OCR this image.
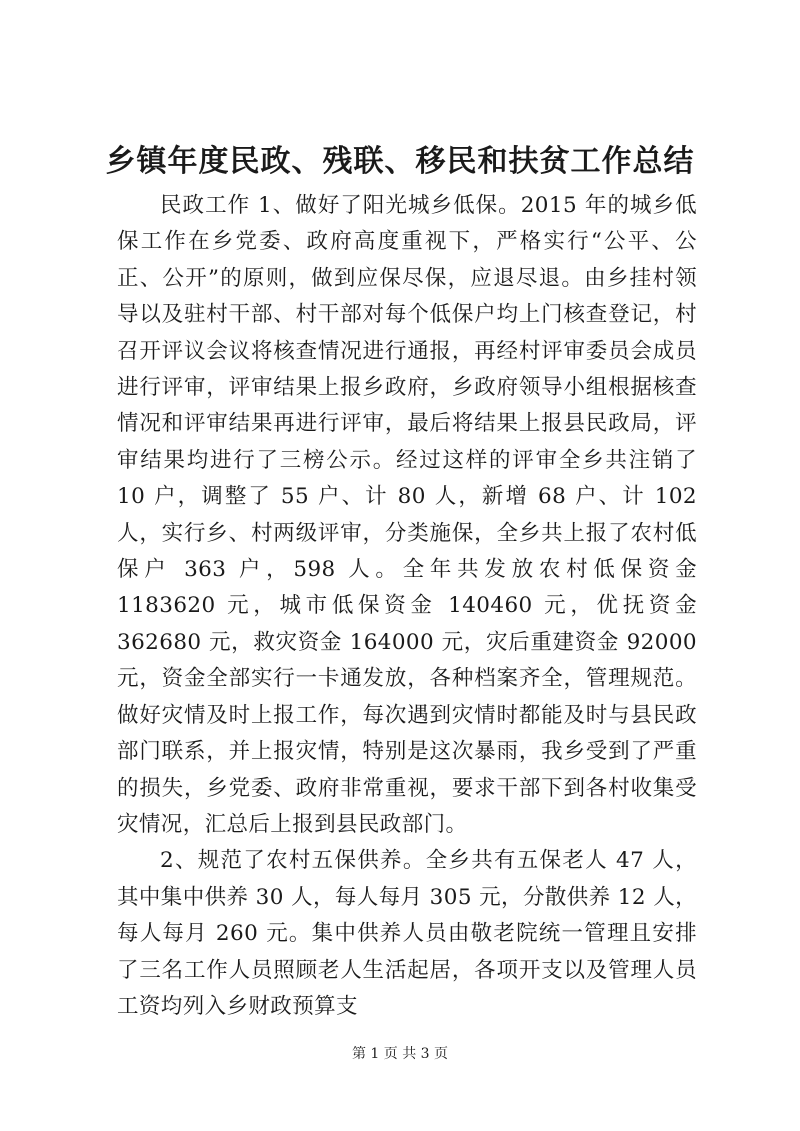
乡镇年度民政、残联、移民和扶贫工作总结

民政工作 1、做好了阳光城乡低保。2015 年的城乡低保工作在乡党委、政府高度重视下，严格实行“公平、公正、公开”的原则，做到应保尽保，应退尽退。由乡挂村领导以及驻村干部、村干部对每个低保户均上门核查登记，村召开评议会议将核查情况进行通报，再经村评审委员会成员进行评审，评审结果上报乡政府，乡政府领导小组根据核查情况和评审结果再进行评审，最后将结果上报县民政局，评审结果均进行了三榜公示。经过这样的评审全乡共注销了 10 户，调整了 55 户、计 80 人，新增 68 户、计 102 人，实行乡、村两级评审，分类施保，全乡共上报了农村低保户 363 户，598 人。全年共发放农村低保资金 1183620 元，城市低保资金 140460 元，优抚资金 362680 元，救灾资金 164000 元，灾后重建资金 92000 元，资金全部实行一卡通发放，各种档案齐全，管理规范。做好灾情及时上报工作，每次遇到灾情时都能及时与县民政部门联系，并上报灾情，特别是这次暴雨，我乡受到了严重的损失，乡党委、政府非常重视，要求干部下到各村收集受灾情况，汇总后上报到县民政部门。

2、规范了农村五保供养。全乡共有五保老人 47 人，其中集中供养 30 人，每人每月 305 元，分散供养 12 人，每人每月 260 元。集中供养人员由敬老院统一管理且安排了三名工作人员照顾老人生活起居，各项开支以及管理人员工资均列入乡财政预算支

第 1 页 共 3 页
